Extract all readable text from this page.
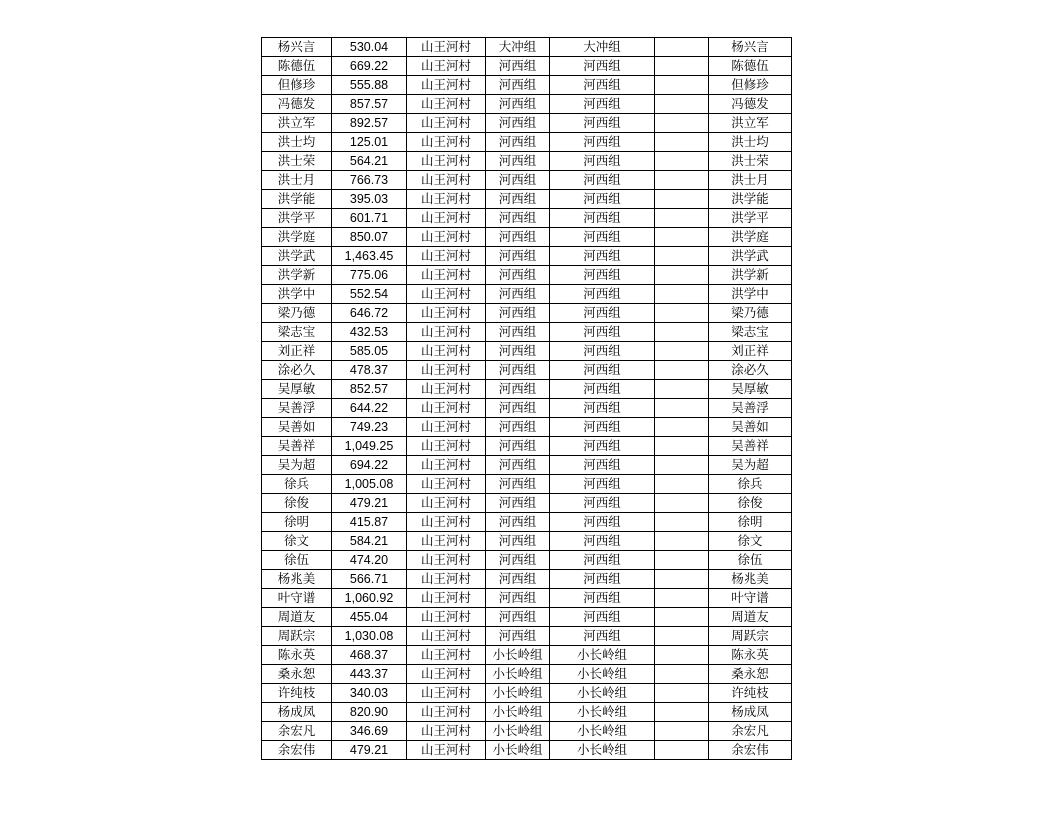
杨兴言	530.04	山王河村	大冲组	大冲组		杨兴言
陈德伍	669.22	山王河村	河西组	河西组		陈德伍
但修珍	555.88	山王河村	河西组	河西组		但修珍
冯德发	857.57	山王河村	河西组	河西组		冯德发
洪立军	892.57	山王河村	河西组	河西组		洪立军
洪士均	125.01	山王河村	河西组	河西组		洪士均
洪士荣	564.21	山王河村	河西组	河西组		洪士荣
洪士月	766.73	山王河村	河西组	河西组		洪士月
洪学能	395.03	山王河村	河西组	河西组		洪学能
洪学平	601.71	山王河村	河西组	河西组		洪学平
洪学庭	850.07	山王河村	河西组	河西组		洪学庭
洪学武	1,463.45	山王河村	河西组	河西组		洪学武
洪学新	775.06	山王河村	河西组	河西组		洪学新
洪学中	552.54	山王河村	河西组	河西组		洪学中
梁乃德	646.72	山王河村	河西组	河西组		梁乃德
梁志宝	432.53	山王河村	河西组	河西组		梁志宝
刘正祥	585.05	山王河村	河西组	河西组		刘正祥
涂必久	478.37	山王河村	河西组	河西组		涂必久
吴厚敏	852.57	山王河村	河西组	河西组		吴厚敏
吴善浮	644.22	山王河村	河西组	河西组		吴善浮
吴善如	749.23	山王河村	河西组	河西组		吴善如
吴善祥	1,049.25	山王河村	河西组	河西组		吴善祥
吴为超	694.22	山王河村	河西组	河西组		吴为超
徐兵	1,005.08	山王河村	河西组	河西组		徐兵
徐俊	479.21	山王河村	河西组	河西组		徐俊
徐明	415.87	山王河村	河西组	河西组		徐明
徐文	584.21	山王河村	河西组	河西组		徐文
徐伍	474.20	山王河村	河西组	河西组		徐伍
杨兆美	566.71	山王河村	河西组	河西组		杨兆美
叶守谱	1,060.92	山王河村	河西组	河西组		叶守谱
周道友	455.04	山王河村	河西组	河西组		周道友
周跃宗	1,030.08	山王河村	河西组	河西组		周跃宗
陈永英	468.37	山王河村	小长岭组	小长岭组		陈永英
桑永恕	443.37	山王河村	小长岭组	小长岭组		桑永恕
许纯枝	340.03	山王河村	小长岭组	小长岭组		许纯枝
杨成凤	820.90	山王河村	小长岭组	小长岭组		杨成凤
余宏凡	346.69	山王河村	小长岭组	小长岭组		余宏凡
余宏伟	479.21	山王河村	小长岭组	小长岭组		余宏伟
